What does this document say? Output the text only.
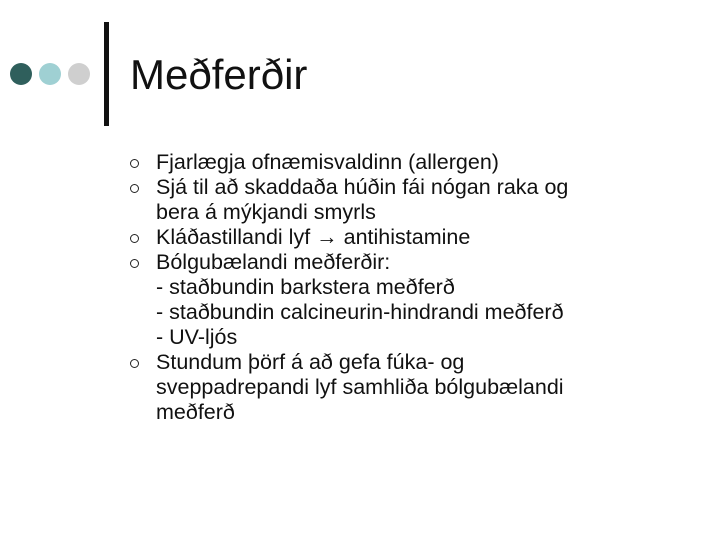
Meðferðir
Fjarlægja ofnæmisvaldinn (allergen)
Sjá til að skaddaða húðin fái nógan raka og
bera á mýkjandi smyrls
Kláðastillandi lyf → antihistamine
Bólgubælandi meðferðir:
- staðbundin barkstera meðferð
- staðbundin calcineurin-hindrandi meðferð
- UV-ljós
Stundum þörf á að gefa fúka- og
sveppadrepandi lyf samhliða bólgubælandi
meðferð
